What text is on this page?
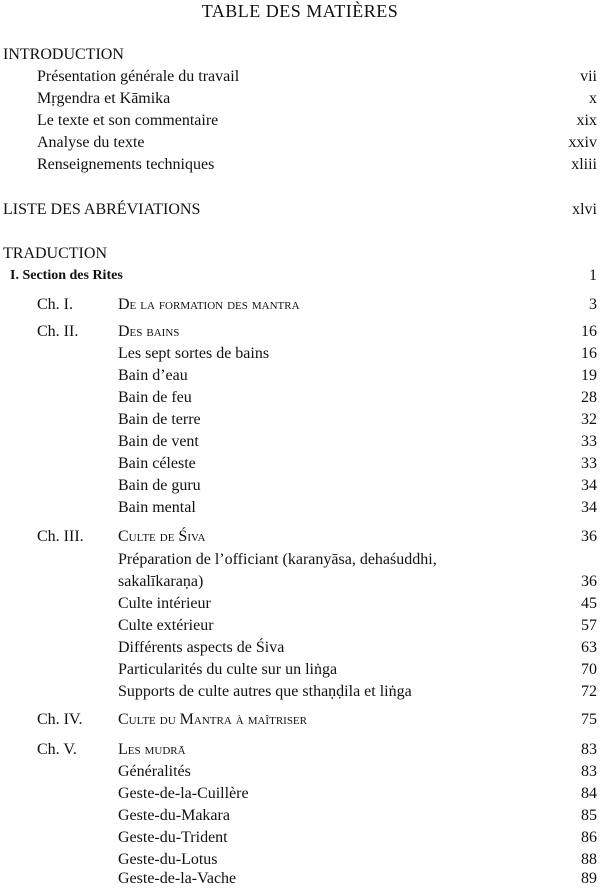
TABLE DES MATIÈRES
INTRODUCTION
Présentation générale du travail	vii
Mṛgendra et Kāmika	x
Le texte et son commentaire	xix
Analyse du texte	xxiv
Renseignements techniques	xliii
LISTE DES ABRÉVIATIONS	xlvi
TRADUCTION
I. Section des Rites	1
Ch. I.	De la formation des mantra	3
Ch. II. Des bains	16
Les sept sortes de bains	16
Bain d’eau	19
Bain de feu	28
Bain de terre	32
Bain de vent	33
Bain céleste	33
Bain de guru	34
Bain mental	34
Ch. III. Culte de Śiva	36
Préparation de l’officiant (karanyāsa, dehaśuddhi,
sakalīkaraṇa)	36
Culte intérieur	45
Culte extérieur	57
Différents aspects de Śiva	63
Particularités du culte sur un liṅga	70
Supports de culte autres que sthaṇḍila et liṅga	72
Ch. IV. Culte du Mantra à maîtriser	75
Ch. V.	Les mudrā	83
Généralités	83
Geste-de-la-Cuillère	84
Geste-du-Makara	85
Geste-du-Trident	86
Geste-du-Lotus	88
Geste-de-la-Vache	89
